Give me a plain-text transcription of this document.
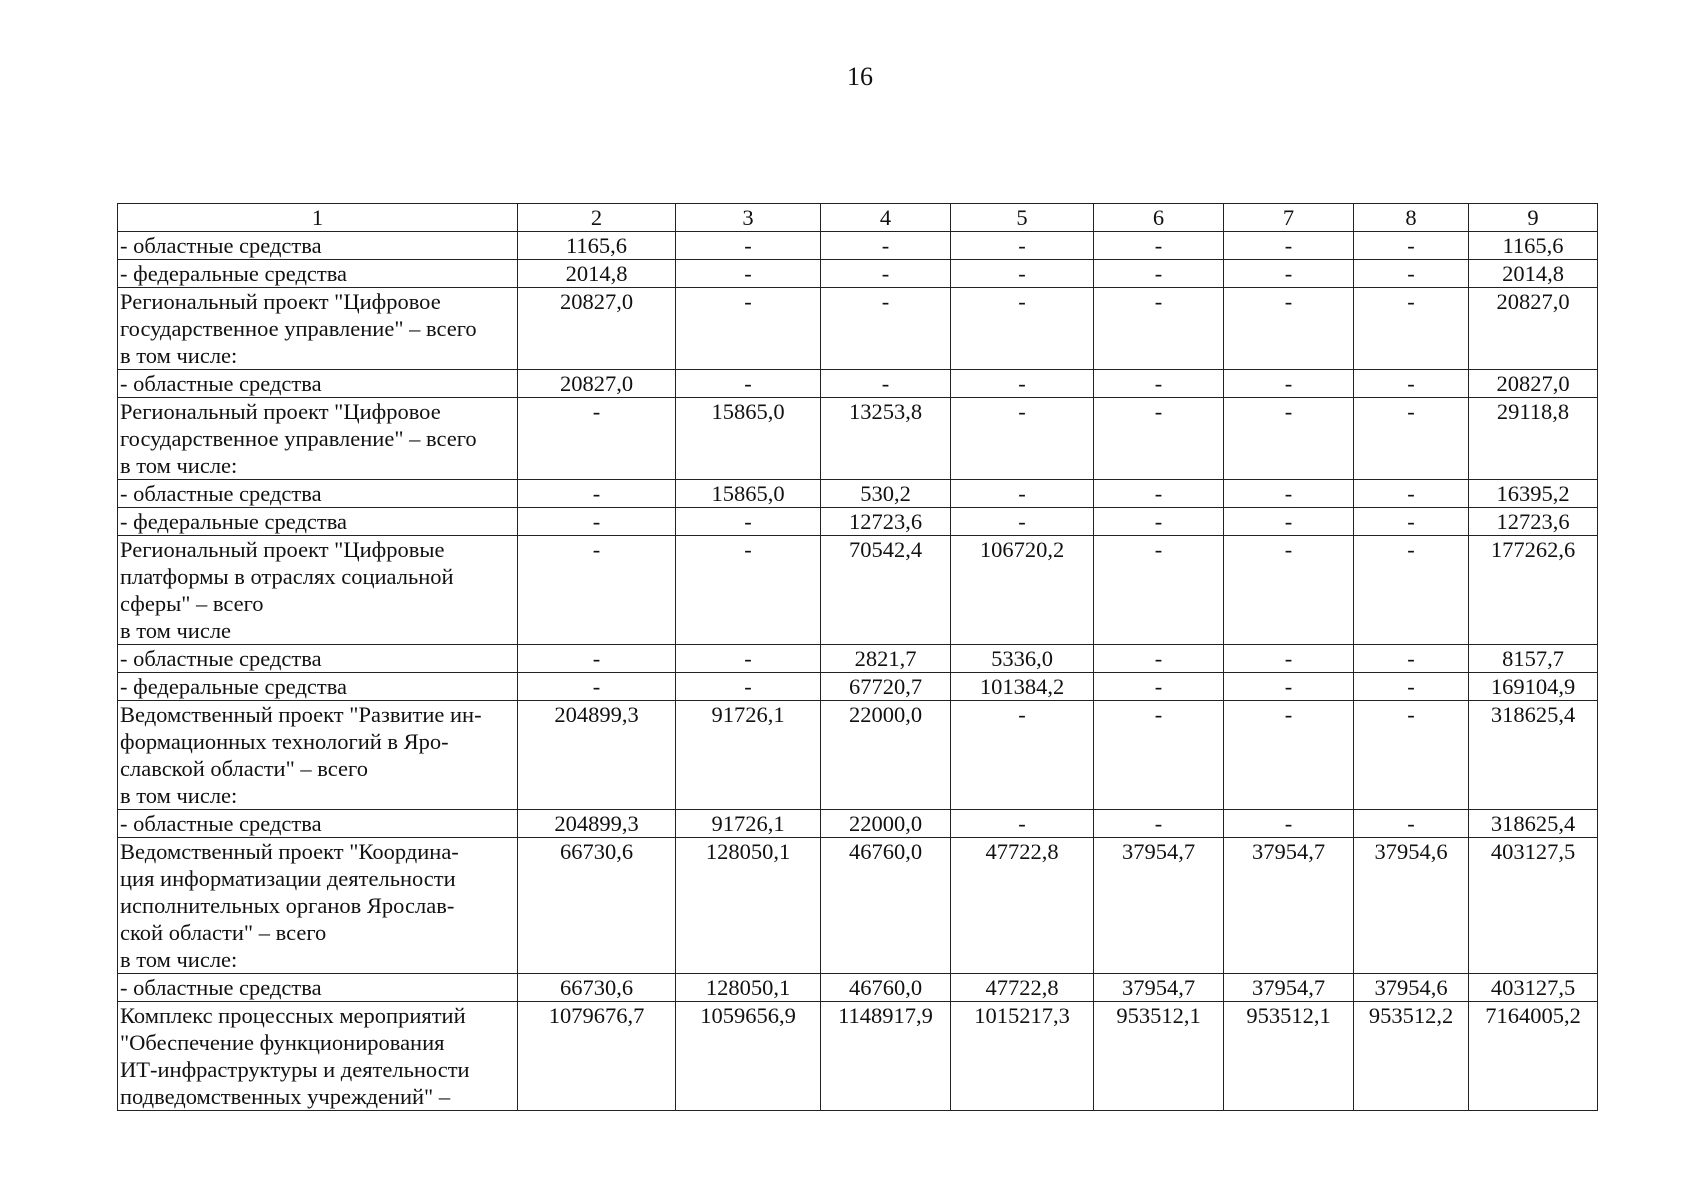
16
1	2	3	4	5	6	7	8	9

- областные средства	1165,6	-	-	-	-	-	-	1165,6

- федеральные средства	2014,8	-	-	-	-	-	-	2014,8

Региональный проект "Цифровое
государственное управление" – всего
в том числе:	20827,0	-	-	-	-	-	-	20827,0

- областные средства	20827,0	-	-	-	-	-	-	20827,0

Региональный проект "Цифровое
государственное управление" – всего
в том числе:	-	15865,0	13253,8	-	-	-	-	29118,8

- областные средства	-	15865,0	530,2	-	-	-	-	16395,2

- федеральные средства	-	-	12723,6	-	-	-	-	12723,6

Региональный проект "Цифровые
платформы в отраслях социальной
сферы" – всего
в том числе	-	-	70542,4	106720,2	-	-	-	177262,6

- областные средства	-	-	2821,7	5336,0	-	-	-	8157,7

- федеральные средства	-	-	67720,7	101384,2	-	-	-	169104,9

Ведомственный проект "Развитие ин-
формационных технологий в Яро-
славской области" – всего
в том числе:	204899,3	91726,1	22000,0	-	-	-	-	318625,4

- областные средства	204899,3	91726,1	22000,0	-	-	-	-	318625,4

Ведомственный проект "Координа-
ция информатизации деятельности
исполнительных органов Ярослав-
ской области" – всего
в том числе:	66730,6	128050,1	46760,0	47722,8	37954,7	37954,7	37954,6	403127,5

- областные средства	66730,6	128050,1	46760,0	47722,8	37954,7	37954,7	37954,6	403127,5

Комплекс процессных мероприятий
"Обеспечение функционирования
ИТ-инфраструктуры и деятельности
подведомственных учреждений" –	1079676,7	1059656,9	1148917,9	1015217,3	953512,1	953512,1	953512,2	7164005,2
